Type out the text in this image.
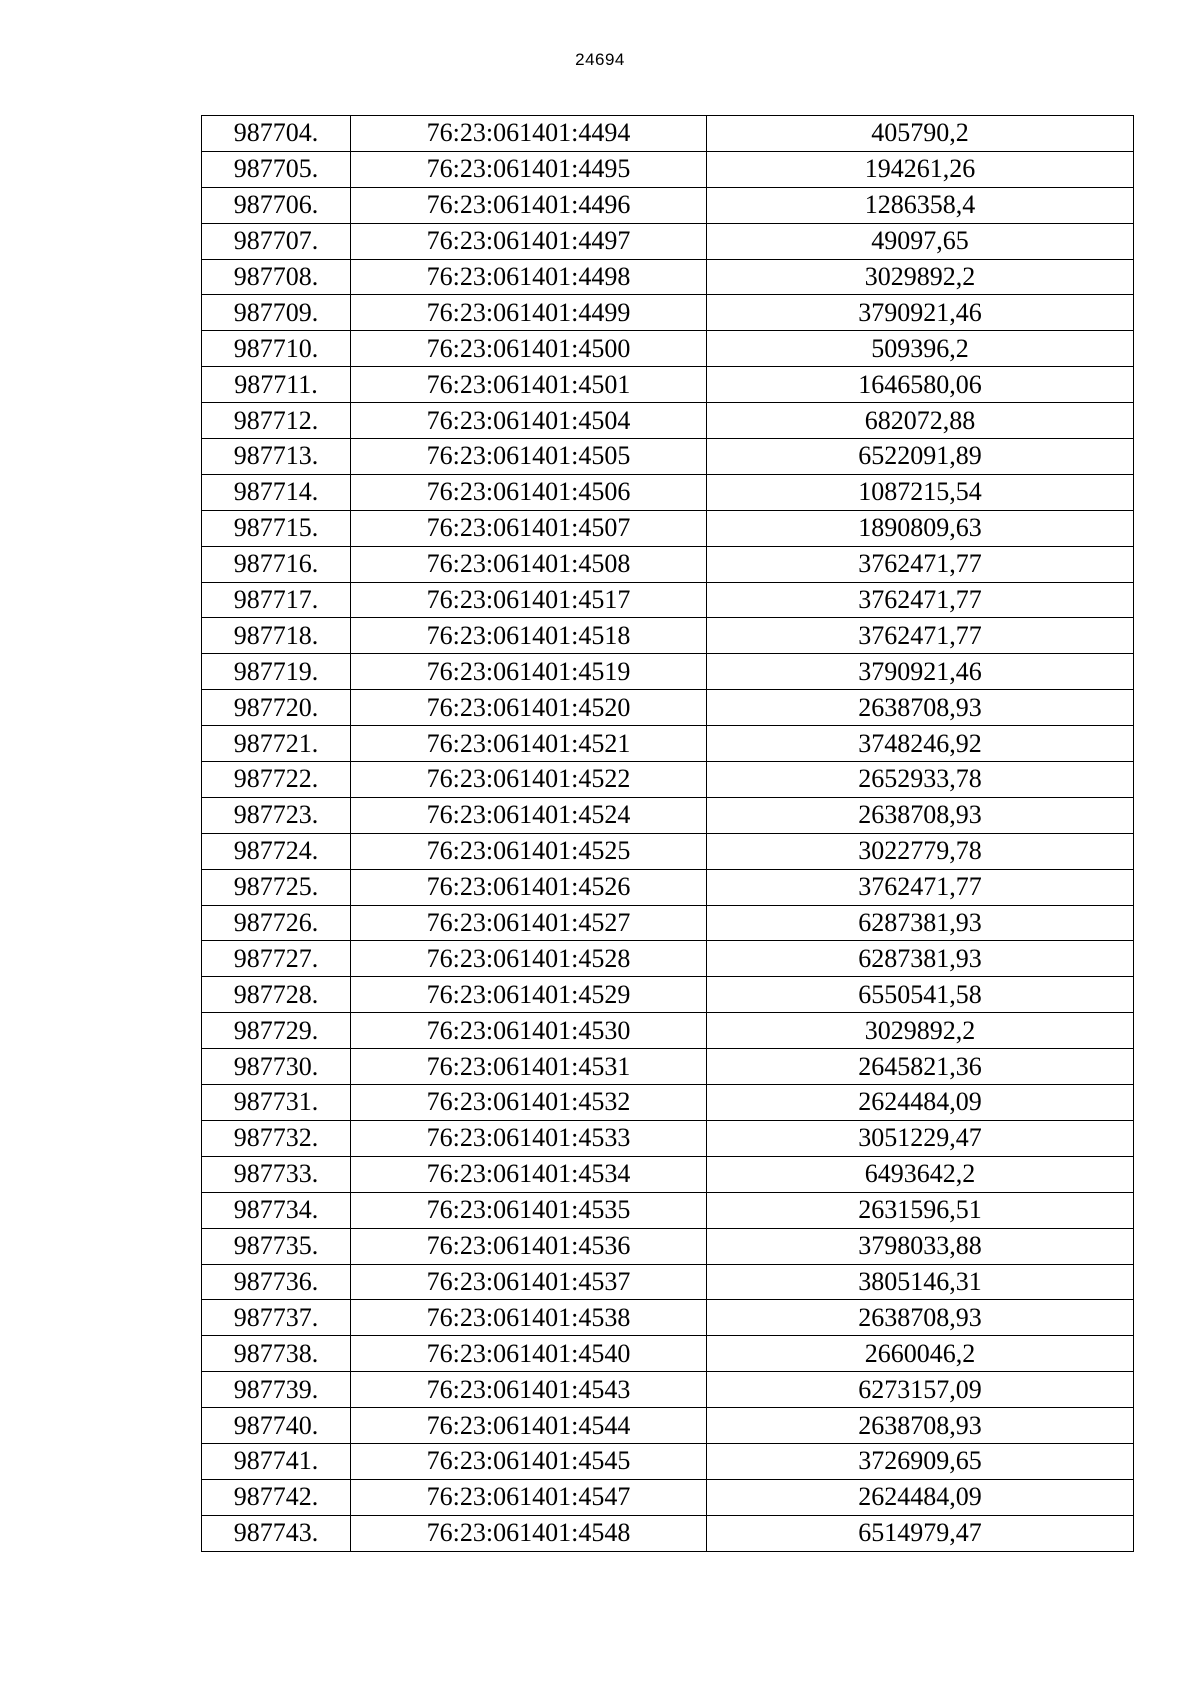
24694
987704.	76:23:061401:4494	405790,2
987705.	76:23:061401:4495	194261,26
987706.	76:23:061401:4496	1286358,4
987707.	76:23:061401:4497	49097,65
987708.	76:23:061401:4498	3029892,2
987709.	76:23:061401:4499	3790921,46
987710.	76:23:061401:4500	509396,2
987711.	76:23:061401:4501	1646580,06
987712.	76:23:061401:4504	682072,88
987713.	76:23:061401:4505	6522091,89
987714.	76:23:061401:4506	1087215,54
987715.	76:23:061401:4507	1890809,63
987716.	76:23:061401:4508	3762471,77
987717.	76:23:061401:4517	3762471,77
987718.	76:23:061401:4518	3762471,77
987719.	76:23:061401:4519	3790921,46
987720.	76:23:061401:4520	2638708,93
987721.	76:23:061401:4521	3748246,92
987722.	76:23:061401:4522	2652933,78
987723.	76:23:061401:4524	2638708,93
987724.	76:23:061401:4525	3022779,78
987725.	76:23:061401:4526	3762471,77
987726.	76:23:061401:4527	6287381,93
987727.	76:23:061401:4528	6287381,93
987728.	76:23:061401:4529	6550541,58
987729.	76:23:061401:4530	3029892,2
987730.	76:23:061401:4531	2645821,36
987731.	76:23:061401:4532	2624484,09
987732.	76:23:061401:4533	3051229,47
987733.	76:23:061401:4534	6493642,2
987734.	76:23:061401:4535	2631596,51
987735.	76:23:061401:4536	3798033,88
987736.	76:23:061401:4537	3805146,31
987737.	76:23:061401:4538	2638708,93
987738.	76:23:061401:4540	2660046,2
987739.	76:23:061401:4543	6273157,09
987740.	76:23:061401:4544	2638708,93
987741.	76:23:061401:4545	3726909,65
987742.	76:23:061401:4547	2624484,09
987743.	76:23:061401:4548	6514979,47
